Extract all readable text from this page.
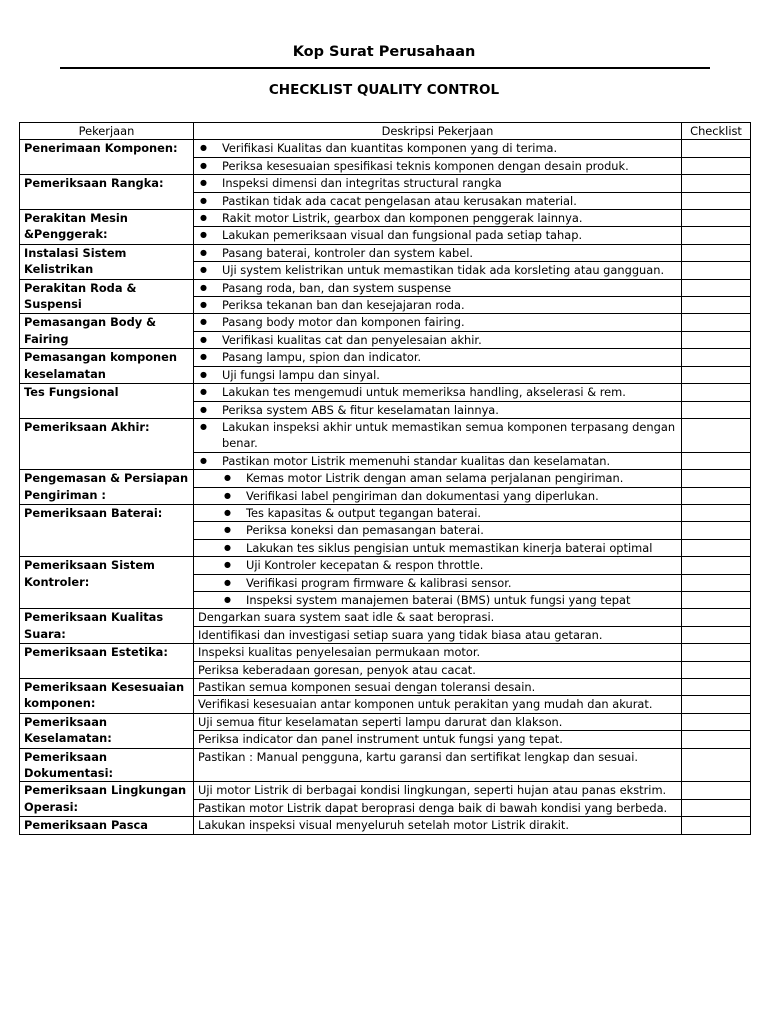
Kop Surat Perusahaan
CHECKLIST QUALITY CONTROL
Pekerjaan	Deskripsi Pekerjaan	Checklist
Penerimaan Komponen:	● Verifikasi Kualitas dan kuantitas komponen yang di terima.	

	● Periksa kesesuaian spesifikasi teknis komponen dengan desain produk.	

Pemeriksaan Rangka:	● Inspeksi dimensi dan integritas structural rangka	

	● Pastikan tidak ada cacat pengelasan atau kerusakan material.	

Perakitan Mesin &Penggerak:	● Rakit motor Listrik, gearbox dan komponen penggerak lainnya.	

	● Lakukan pemeriksaan visual dan fungsional pada setiap tahap.	

Instalasi Sistem Kelistrikan	● Pasang baterai, kontroler dan system kabel.	

	● Uji system kelistrikan untuk memastikan tidak ada korsleting atau gangguan.	

Perakitan Roda & Suspensi	● Pasang roda, ban, dan system suspense	

	● Periksa tekanan ban dan kesejajaran roda.	

Pemasangan Body & Fairing	● Pasang body motor dan komponen fairing.	

	● Verifikasi kualitas cat dan penyelesaian akhir.	

Pemasangan komponen keselamatan	● Pasang lampu, spion dan indicator.	

	● Uji fungsi lampu dan sinyal.	

Tes Fungsional	● Lakukan tes mengemudi untuk memeriksa handling, akselerasi & rem.	

	● Periksa system ABS & fitur keselamatan lainnya.	

Pemeriksaan Akhir:	● Lakukan inspeksi akhir untuk memastikan semua komponen terpasang dengan benar.	

	● Pastikan motor Listrik memenuhi standar kualitas dan keselamatan.	

Pengemasan & Persiapan Pengiriman :	● Kemas motor Listrik dengan aman selama perjalanan pengiriman.	

	● Verifikasi label pengiriman dan dokumentasi yang diperlukan.	

Pemeriksaan Baterai:	● Tes kapasitas & output tegangan baterai.	

	● Periksa koneksi dan pemasangan baterai.	

	● Lakukan tes siklus pengisian untuk memastikan kinerja baterai optimal	

Pemeriksaan Sistem Kontroler:	● Uji Kontroler kecepatan & respon throttle.	

	● Verifikasi program firmware & kalibrasi sensor.	

	● Inspeksi system manajemen baterai (BMS) untuk fungsi yang tepat	

Pemeriksaan Kualitas Suara:	Dengarkan suara system saat idle & saat beroprasi.	

	Identifikasi dan investigasi setiap suara yang tidak biasa atau getaran.	

Pemeriksaan Estetika:	Inspeksi kualitas penyelesaian permukaan motor.	

	Periksa keberadaan goresan, penyok atau cacat.	

Pemeriksaan Kesesuaian komponen:	Pastikan semua komponen sesuai dengan toleransi desain.	

	Verifikasi kesesuaian antar komponen untuk perakitan yang mudah dan akurat.	

Pemeriksaan Keselamatan:	Uji semua fitur keselamatan seperti lampu darurat dan klakson.	

	Periksa indicator dan panel instrument untuk fungsi yang tepat.	

Pemeriksaan Dokumentasi:	Pastikan : Manual pengguna, kartu garansi dan sertifikat lengkap dan sesuai.	

Pemeriksaan Lingkungan Operasi:	Uji motor Listrik di berbagai kondisi lingkungan, seperti hujan atau panas ekstrim.	

	Pastikan motor Listrik dapat beroprasi denga baik di bawah kondisi yang berbeda.	

Pemeriksaan Pasca	Lakukan inspeksi visual menyeluruh setelah motor Listrik dirakit.	
